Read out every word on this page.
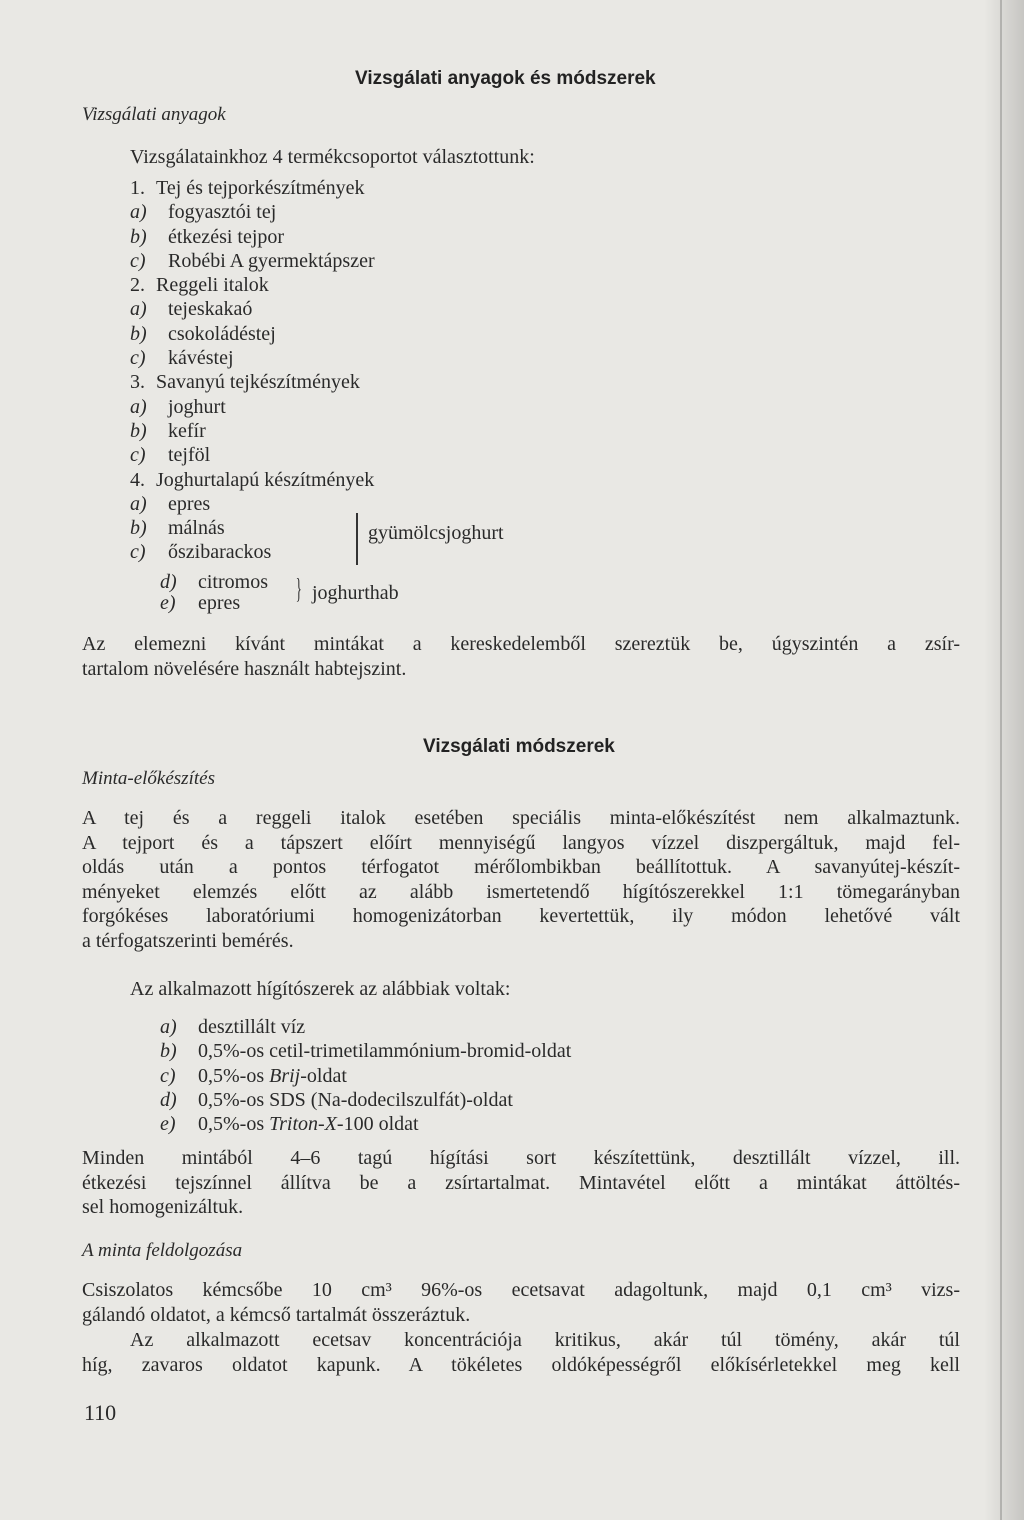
Vizsgálati anyagok és módszerek
Vizsgálati anyagok
Vizsgálatainkhoz 4 termékcsoportot választottunk:
1. Tej és tejporkészítmények
a) fogyasztói tej
b) étkezési tejpor
c) Robébi A gyermektápszer
2. Reggeli italok
a) tejeskakaó
b) csokoládéstej
c) kávéstej
3. Savanyú tejkészítmények
a) joghurt
b) kefír
c) tejföl
4. Joghurtalapú készítmények
a) epres
b) málnás
c) őszibarackos
d) citromos
e) epres
gyümölcsjoghurt
} joghurthab
Az elemezni kívánt mintákat a kereskedelemből szereztük be, úgyszintén a zsír-
tartalom növelésére használt habtejszint.
Vizsgálati módszerek
Minta-előkészítés
A tej és a reggeli italok esetében speciális minta-előkészítést nem alkalmaztunk.
A tejport és a tápszert előírt mennyiségű langyos vízzel diszpergáltuk, majd fel-
oldás után a pontos térfogatot mérőlombikban beállítottuk. A savanyútej-készít-
ményeket elemzés előtt az alább ismertetendő hígítószerekkel 1:1 tömegarányban
forgókéses laboratóriumi homogenizátorban kevertettük, ily módon lehetővé vált
a térfogatszerinti bemérés.
Az alkalmazott hígítószerek az alábbiak voltak:
a) desztillált víz
b) 0,5%-os cetil-trimetilammónium-bromid-oldat
c) 0,5%-os Brij-oldat
d) 0,5%-os SDS (Na-dodecilszulfát)-oldat
e) 0,5%-os Triton-X-100 oldat
Minden mintából 4–6 tagú hígítási sort készítettünk, desztillált vízzel, ill.
étkezési tejszínnel állítva be a zsírtartalmat. Mintavétel előtt a mintákat áttöltés-
sel homogenizáltuk.
A minta feldolgozása
Csiszolatos kémcsőbe 10 cm³ 96%-os ecetsavat adagoltunk, majd 0,1 cm³ vizs-
gálandó oldatot, a kémcső tartalmát összeráztuk.
Az alkalmazott ecetsav koncentrációja kritikus, akár túl tömény, akár túl
híg, zavaros oldatot kapunk. A tökéletes oldóképességről előkísérletekkel meg kell
110
